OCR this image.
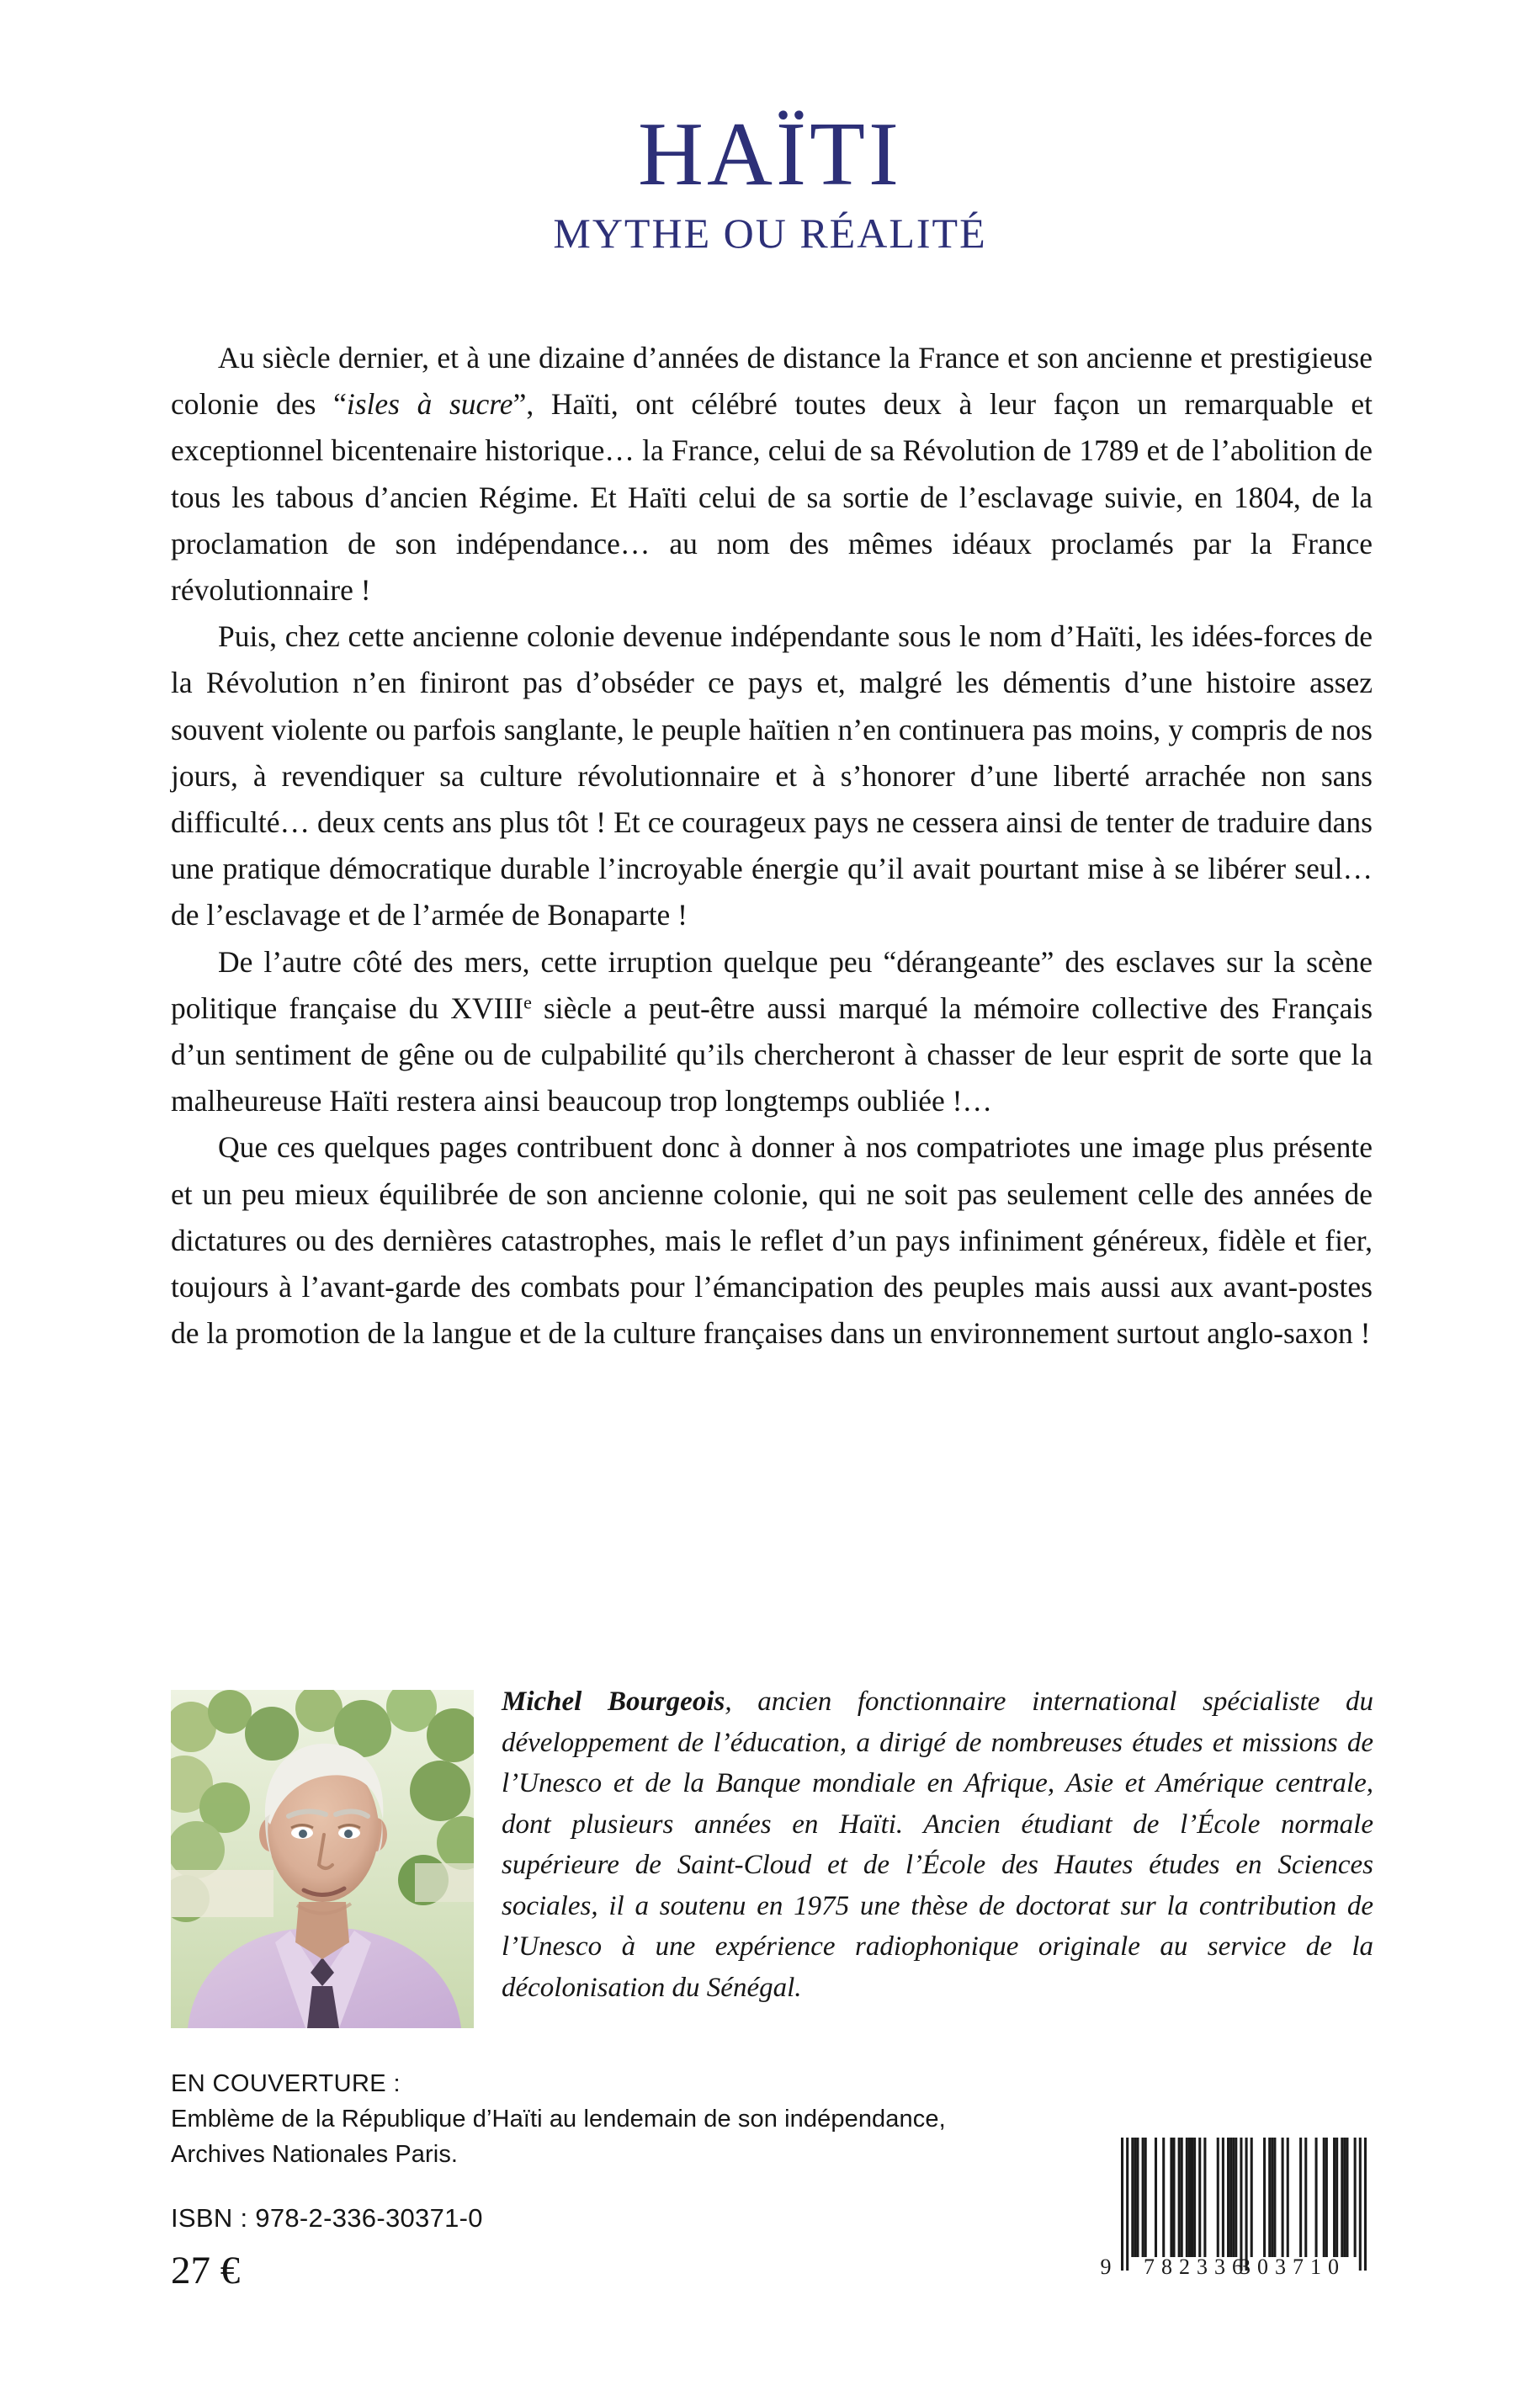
HAÏTI
MYTHE OU RÉALITÉ

Au siècle dernier, et à une dizaine d’années de distance la France et son ancienne et prestigieuse colonie des “isles à sucre”, Haïti, ont célébré toutes deux à leur façon un remarquable et exceptionnel bicentenaire historique… la France, celui de sa Révolution de 1789 et de l’abolition de tous les tabous d’ancien Régime. Et Haïti celui de sa sortie de l’esclavage suivie, en 1804, de la proclamation de son indépendance… au nom des mêmes idéaux proclamés par la France révolutionnaire !

Puis, chez cette ancienne colonie devenue indépendante sous le nom d’Haïti, les idées-forces de la Révolution n’en finiront pas d’obséder ce pays et, malgré les démentis d’une histoire assez souvent violente ou parfois sanglante, le peuple haïtien n’en continuera pas moins, y compris de nos jours, à revendiquer sa culture révolutionnaire et à s’honorer d’une liberté arrachée non sans difficulté… deux cents ans plus tôt ! Et ce courageux pays ne cessera ainsi de tenter de traduire dans une pratique démocratique durable l’incroyable énergie qu’il avait pourtant mise à se libérer seul… de l’esclavage et de l’armée de Bonaparte !

De l’autre côté des mers, cette irruption quelque peu “dérangeante” des esclaves sur la scène politique française du XVIIIe siècle a peut-être aussi marqué la mémoire collective des Français d’un sentiment de gêne ou de culpabilité qu’ils chercheront à chasser de leur esprit de sorte que la malheureuse Haïti restera ainsi beaucoup trop longtemps oubliée !…

Que ces quelques pages contribuent donc à donner à nos compatriotes une image plus présente et un peu mieux équilibrée de son ancienne colonie, qui ne soit pas seulement celle des années de dictatures ou des dernières catastrophes, mais le reflet d’un pays infiniment généreux, fidèle et fier, toujours à l’avant-garde des combats pour l’émancipation des peuples mais aussi aux avant-postes de la promotion de la langue et de la culture françaises dans un environnement surtout anglo-saxon !

Michel Bourgeois, ancien fonctionnaire international spécialiste du développement de l’éducation, a dirigé de nombreuses études et missions de l’Unesco et de la Banque mondiale en Afrique, Asie et Amérique centrale, dont plusieurs années en Haïti. Ancien étudiant de l’École normale supérieure de Saint-Cloud et de l’École des Hautes études en Sciences sociales, il a soutenu en 1975 une thèse de doctorat sur la contribution de l’Unesco à une expérience radiophonique originale au service de la décolonisation du Sénégal.
EN COUVERTURE :
Emblème de la République d’Haïti au lendemain de son indépendance,
Archives Nationales Paris.
ISBN : 978-2-336-30371-0
27 €	9 782336
303710
